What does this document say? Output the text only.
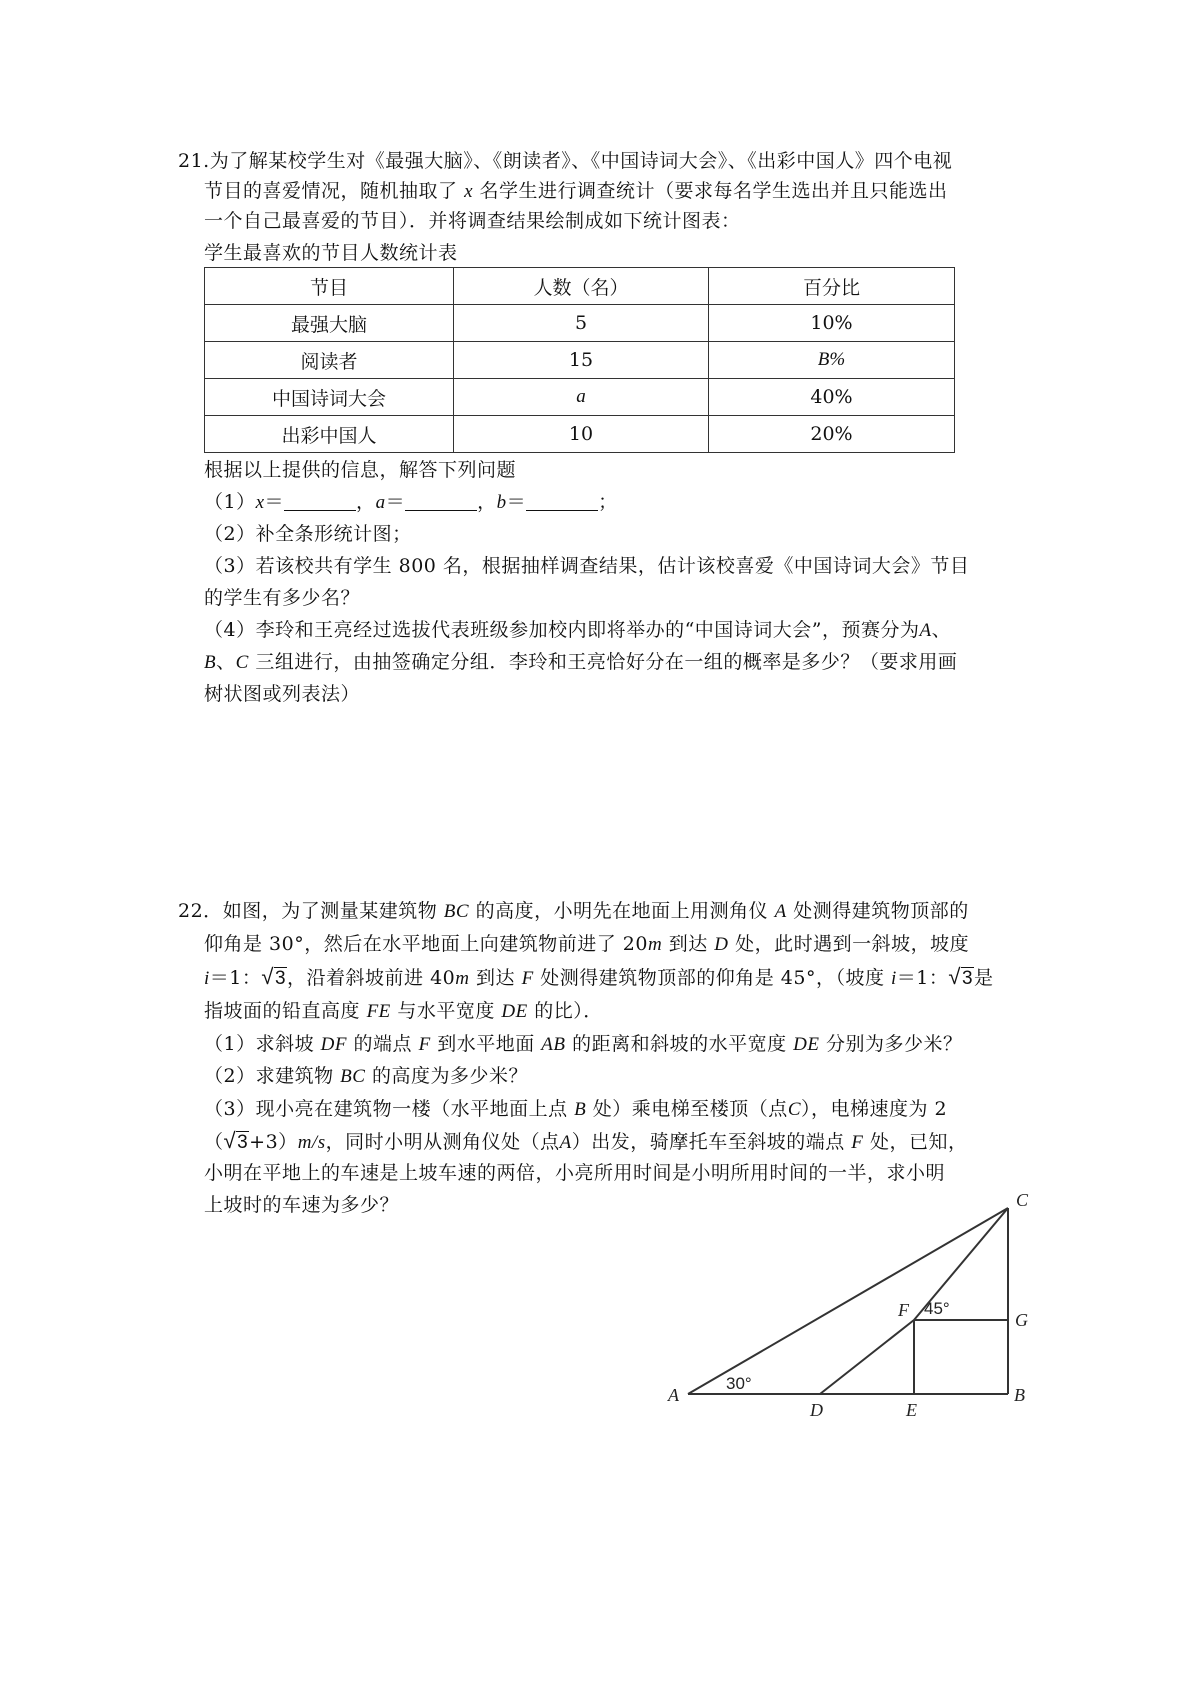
21.为了解某校学生对《最强大脑》、《朗读者》、《中国诗词大会》、《出彩中国人》四个电视
节目的喜爱情况，随机抽取了 x 名学生进行调查统计（要求每名学生选出并且只能选出
一个自己最喜爱的节目）．并将调查结果绘制成如下统计图表：
学生最喜欢的节目人数统计表
节目	人数（名）	百分比
最强大脑	5	10%
阅读者	15	B%
中国诗词大会	a	40%
出彩中国人	10	20%
根据以上提供的信息，解答下列问题
（1）x＝	，a＝	，b＝	；
（2）补全条形统计图；
（3）若该校共有学生 800 名，根据抽样调查结果，估计该校喜爱《中国诗词大会》节目
的学生有多少名？
（4）李玲和王亮经过选拔代表班级参加校内即将举办的“中国诗词大会”，预赛分为A、
B、C 三组进行，由抽签确定分组．李玲和王亮恰好分在一组的概率是多少？（要求用画
树状图或列表法）
22．如图，为了测量某建筑物 BC 的高度，小明先在地面上用测角仪 A 处测得建筑物顶部的
仰角是 30°，然后在水平地面上向建筑物前进了 20m 到达 D 处，此时遇到一斜坡，坡度
i＝1：√3，沿着斜坡前进 40m 到达 F 处测得建筑物顶部的仰角是 45°，（坡度 i＝1：√3是
指坡面的铅直高度 FE 与水平宽度 DE 的比）．
（1）求斜坡 DF 的端点 F 到水平地面 AB 的距离和斜坡的水平宽度 DE 分别为多少米？
（2）求建筑物 BC 的高度为多少米？
（3）现小亮在建筑物一楼（水平地面上点 B 处）乘电梯至楼顶（点C），电梯速度为 2
（√3+3）m/s，同时小明从测角仪处（点A）出发，骑摩托车至斜坡的端点 F 处，已知，
小明在平地上的车速是上坡车速的两倍，小亮所用时间是小明所用时间的一半，求小明
上坡时的车速为多少？
A	B
C
D	E
F	G
30°
45°
